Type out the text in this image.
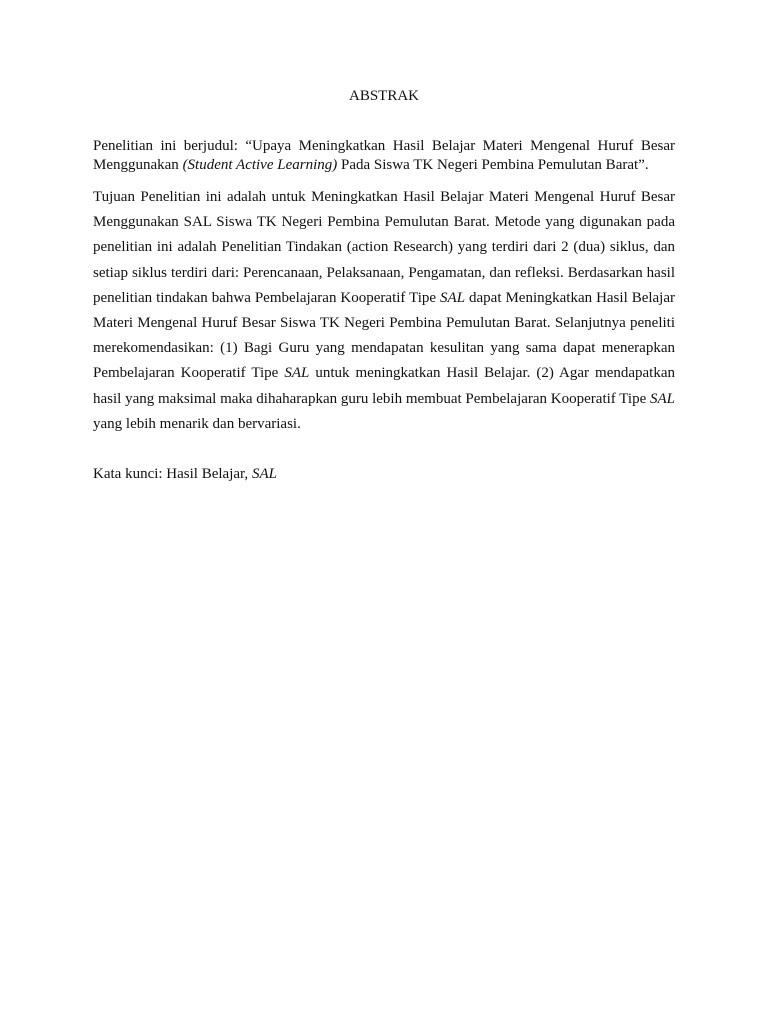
ABSTRAK

Penelitian ini berjudul: “Upaya Meningkatkan Hasil Belajar Materi Mengenal Huruf Besar Menggunakan (Student Active Learning) Pada Siswa TK Negeri Pembina Pemulutan Barat”.

Tujuan Penelitian ini adalah untuk Meningkatkan Hasil Belajar Materi Mengenal Huruf Besar Menggunakan SAL Siswa TK Negeri Pembina Pemulutan Barat. Metode yang digunakan pada penelitian ini adalah Penelitian Tindakan (action Research) yang terdiri dari 2 (dua) siklus, dan setiap siklus terdiri dari: Perencanaan, Pelaksanaan, Pengamatan, dan refleksi. Berdasarkan hasil penelitian tindakan bahwa Pembelajaran Kooperatif Tipe SAL dapat Meningkatkan Hasil Belajar Materi Mengenal Huruf Besar Siswa TK Negeri Pembina Pemulutan Barat. Selanjutnya peneliti merekomendasikan: (1) Bagi Guru yang mendapatan kesulitan yang sama dapat menerapkan Pembelajaran Kooperatif Tipe SAL untuk meningkatkan Hasil Belajar. (2) Agar mendapatkan hasil yang maksimal maka dihaharapkan guru lebih membuat Pembelajaran Kooperatif Tipe SAL yang lebih menarik dan bervariasi.

Kata kunci: Hasil Belajar, SAL
